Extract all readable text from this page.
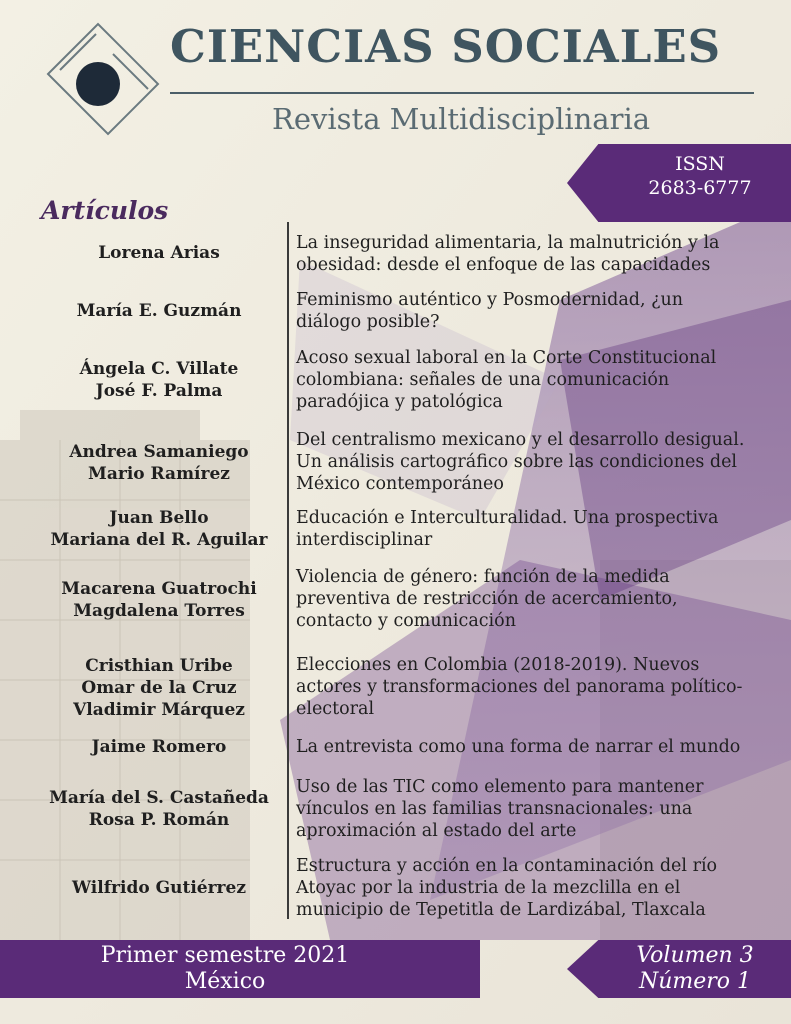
CIENCIAS SOCIALES
Revista Multidisciplinaria
ISSN
2683-6777
Artículos
Lorena Arias	La inseguridad alimentaria, la malnutrición y la
obesidad: desde el enfoque de las capacidades
María E. Guzmán
Feminismo auténtico y Posmodernidad, ¿un
diálogo posible?
Ángela C. Villate
José F. Palma
Acoso sexual laboral en la Corte Constitucional
colombiana: señales de una comunicación
paradójica y patológica
Andrea Samaniego
Mario Ramírez
Del centralismo mexicano y el desarrollo desigual.
Un análisis cartográfico sobre las condiciones del
México contemporáneo
Juan Bello
Mariana del R. Aguilar
Educación e Interculturalidad. Una prospectiva
interdisciplinar
Macarena Guatrochi
Magdalena Torres
Violencia de género: función de la medida
preventiva de restricción de acercamiento,
contacto y comunicación
Cristhian Uribe
Omar de la Cruz
Vladimir Márquez
Elecciones en Colombia (2018-2019). Nuevos
actores y transformaciones del panorama político-
electoral
Jaime Romero	La entrevista como una forma de narrar el mundo
María del S. Castañeda
Rosa P. Román
Uso de las TIC como elemento para mantener
vínculos en las familias transnacionales: una
aproximación al estado del arte
Wilfrido Gutiérrez
Estructura y acción en la contaminación del río
Atoyac por la industria de la mezclilla en el
municipio de Tepetitla de Lardizábal, Tlaxcala
Primer semestre 2021
México
Volumen 3
Número 1
